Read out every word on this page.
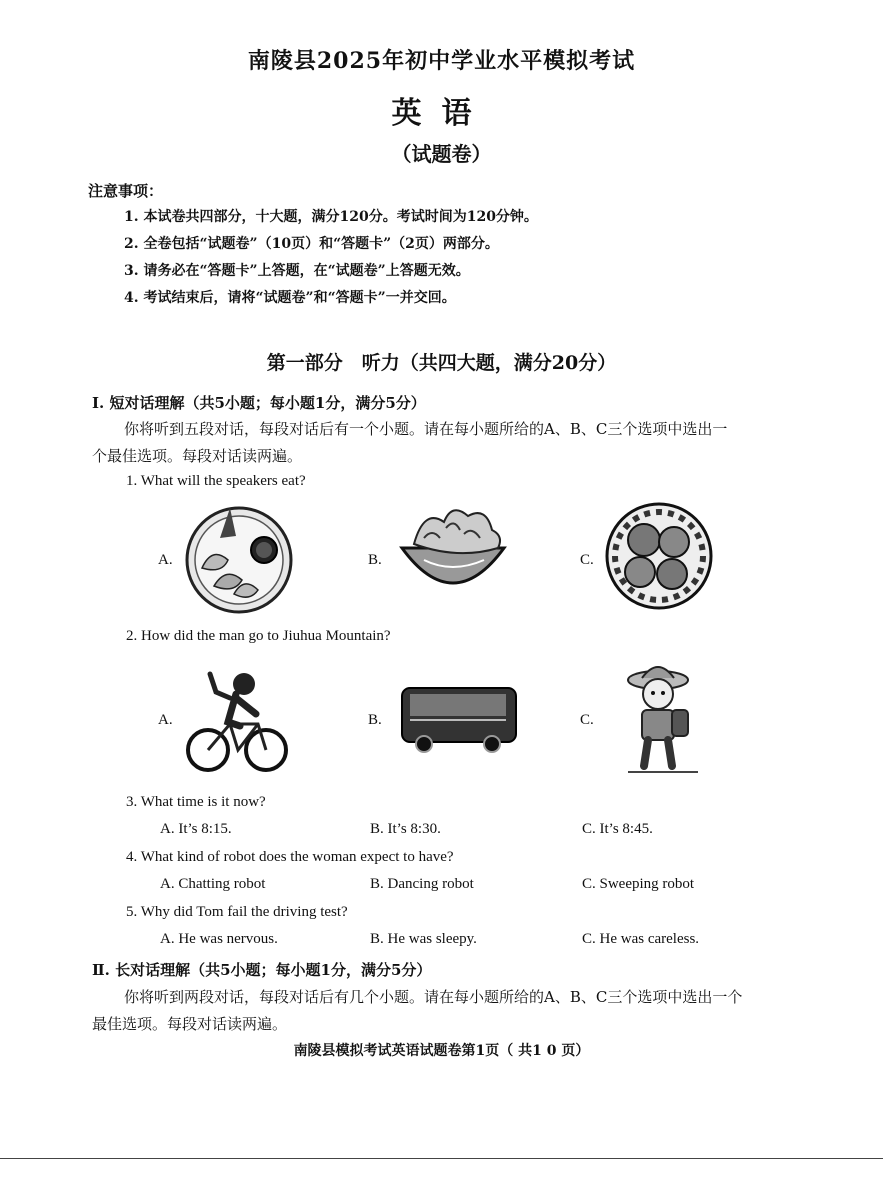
南陵县2025年初中学业水平模拟考试
英语
（试题卷）
注意事项：
1. 本试卷共四部分，十大题，满分120分。考试时间为120分钟。
2. 全卷包括“试题卷”（10页）和“答题卡”（2页）两部分。
3. 请务必在“答题卡”上答题，在“试题卷”上答题无效。
4. 考试结束后，请将“试题卷”和“答题卡”一并交回。
第一部分　听力（共四大题，满分20分）
Ⅰ. 短对话理解（共5小题；每小题1分，满分5分）
你将听到五段对话，每段对话后有一个小题。请在每小题所给的A、B、C三个选项中选出一
个最佳选项。每段对话读两遍。
1. What will the speakers eat?
A.	B.	C.
2. How did the man go to Jiuhua Mountain?
A.	B.	C.
3. What time is it now?
A. It’s 8:15.	B. It’s 8:30.	C. It’s 8:45.
4. What kind of robot does the woman expect to have?
A. Chatting robot	B. Dancing robot	C. Sweeping robot
5. Why did Tom fail the driving test?
A. He was nervous.	B. He was sleepy.	C. He was careless.
Ⅱ. 长对话理解（共5小题；每小题1分，满分5分）
你将听到两段对话，每段对话后有几个小题。请在每小题所给的A、B、C三个选项中选出一个
最佳选项。每段对话读两遍。
南陵县模拟考试英语试题卷第1页（ 共1 0 页）
